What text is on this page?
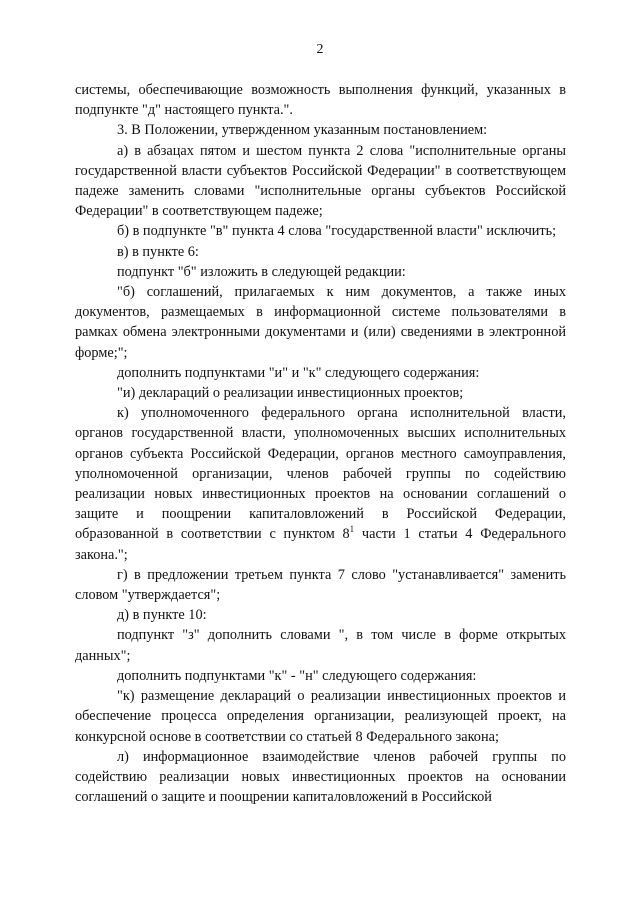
2

системы, обеспечивающие возможность выполнения функций, указанных в подпункте "д" настоящего пункта.".

3. В Положении, утвержденном указанным постановлением:

а) в абзацах пятом и шестом пункта 2 слова "исполнительные органы государственной власти субъектов Российской Федерации" в соответствующем падеже заменить словами "исполнительные органы субъектов Российской Федерации" в соответствующем падеже;

б) в подпункте "в" пункта 4 слова "государственной власти" исключить;

в) в пункте 6:

подпункт "б" изложить в следующей редакции:

"б) соглашений, прилагаемых к ним документов, а также иных документов, размещаемых в информационной системе пользователями в рамках обмена электронными документами и (или) сведениями в электронной форме;";

дополнить подпунктами "и" и "к" следующего содержания:

"и) деклараций о реализации инвестиционных проектов;

к) уполномоченного федерального органа исполнительной власти, органов государственной власти, уполномоченных высших исполнительных органов субъекта Российской Федерации, органов местного самоуправления, уполномоченной организации, членов рабочей группы по содействию реализации новых инвестиционных проектов на основании соглашений о защите и поощрении капиталовложений в Российской Федерации, образованной в соответствии с пунктом $8^1$ части 1 статьи 4 Федерального закона.";

г) в предложении третьем пункта 7 слово "устанавливается" заменить словом "утверждается";

д) в пункте 10:

подпункт "з" дополнить словами ", в том числе в форме открытых данных";

дополнить подпунктами "к" - "н" следующего содержания:

"к) размещение деклараций о реализации инвестиционных проектов и обеспечение процесса определения организации, реализующей проект, на конкурсной основе в соответствии со статьей 8 Федерального закона;

л) информационное взаимодействие членов рабочей группы по содействию реализации новых инвестиционных проектов на основании соглашений о защите и поощрении капиталовложений в Российской
